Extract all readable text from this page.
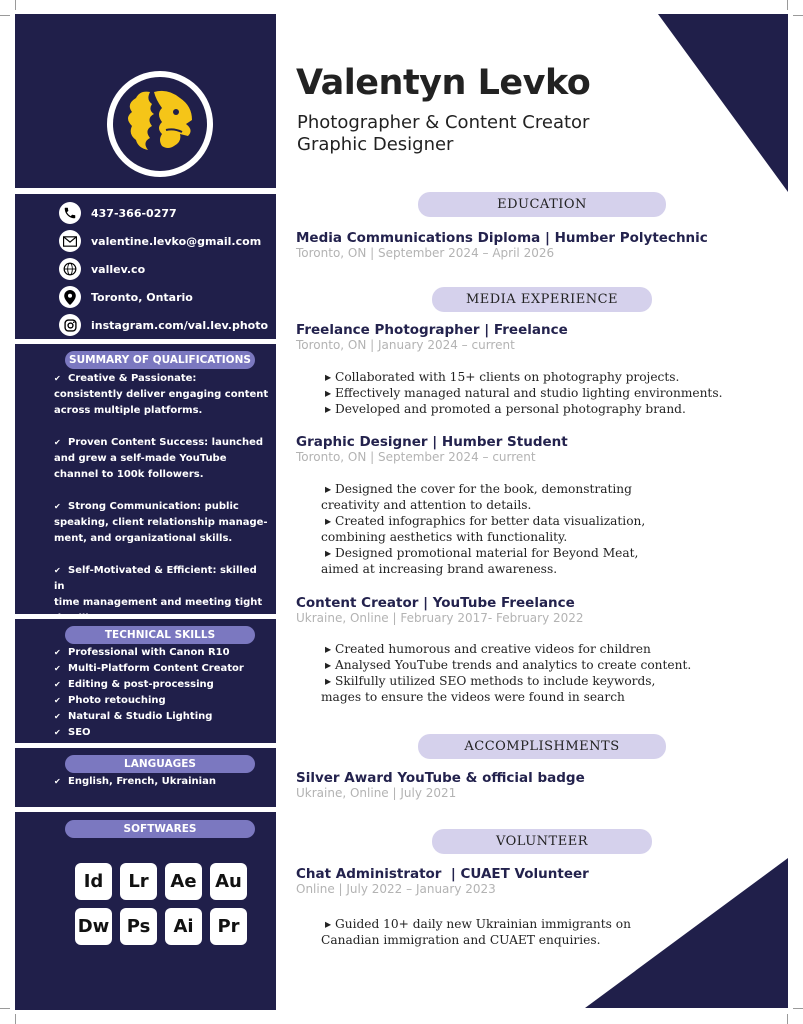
437-366-0277
valentine.levko@gmail.com
vallev.co
Toronto, Ontario
instagram.com/val.lev.photo
SUMMARY OF QUALIFICATIONS
✔ Creative & Passionate:
consistently deliver engaging content
across multiple platforms.
✔ Proven Content Success: launched
and grew a self-made YouTube
channel to 100k followers.
✔ Strong Communication: public
speaking, client relationship manage-
ment, and organizational skills.
✔ Self-Motivated & Efficient: skilled in
time management and meeting tight
TECHNICAL SKILLS
✔ Professional with Canon R10
✔ Multi-Platform Content Creator
✔ Editing & post-processing
✔ Photo retouching
✔ Natural & Studio Lighting
✔ SEO
LANGUAGES
✔ English, French, Ukrainian
SOFTWARES
Id	Lr	Ae	Au
Dw Ps	Ai	Pr
Valentyn Levko
Photographer & Content Creator
Graphic Designer
EDUCATION
Media Communications Diploma | Humber Polytechnic
Toronto, ON | September 2024 – April 2026
MEDIA EXPERIENCE
Freelance Photographer | Freelance
Toronto, ON | January 2024 – current
▸ Collaborated with 15+ clients on photography projects.
▸ Effectively managed natural and studio lighting environments.
▸ Developed and promoted a personal photography brand.
Graphic Designer | Humber Student
Toronto, ON | September 2024 – current
▸ Designed the cover for the book, demonstrating
creativity and attention to details.
▸ Created infographics for better data visualization,
combining aesthetics with functionality.
▸ Designed promotional material for Beyond Meat,
aimed at increasing brand awareness.
Content Creator | YouTube Freelance
Ukraine, Online | February 2017- February 2022
▸ Created humorous and creative videos for children
▸ Analysed YouTube trends and analytics to create content.
▸ Skilfully utilized SEO methods to include keywords,
mages to ensure the videos were found in search
ACCOMPLISHMENTS
Silver Award YouTube & official badge
Ukraine, Online | July 2021
VOLUNTEER
Chat Administrator  | CUAET Volunteer
Online | July 2022 – January 2023
▸ Guided 10+ daily new Ukrainian immigrants on
Canadian immigration and CUAET enquiries.
